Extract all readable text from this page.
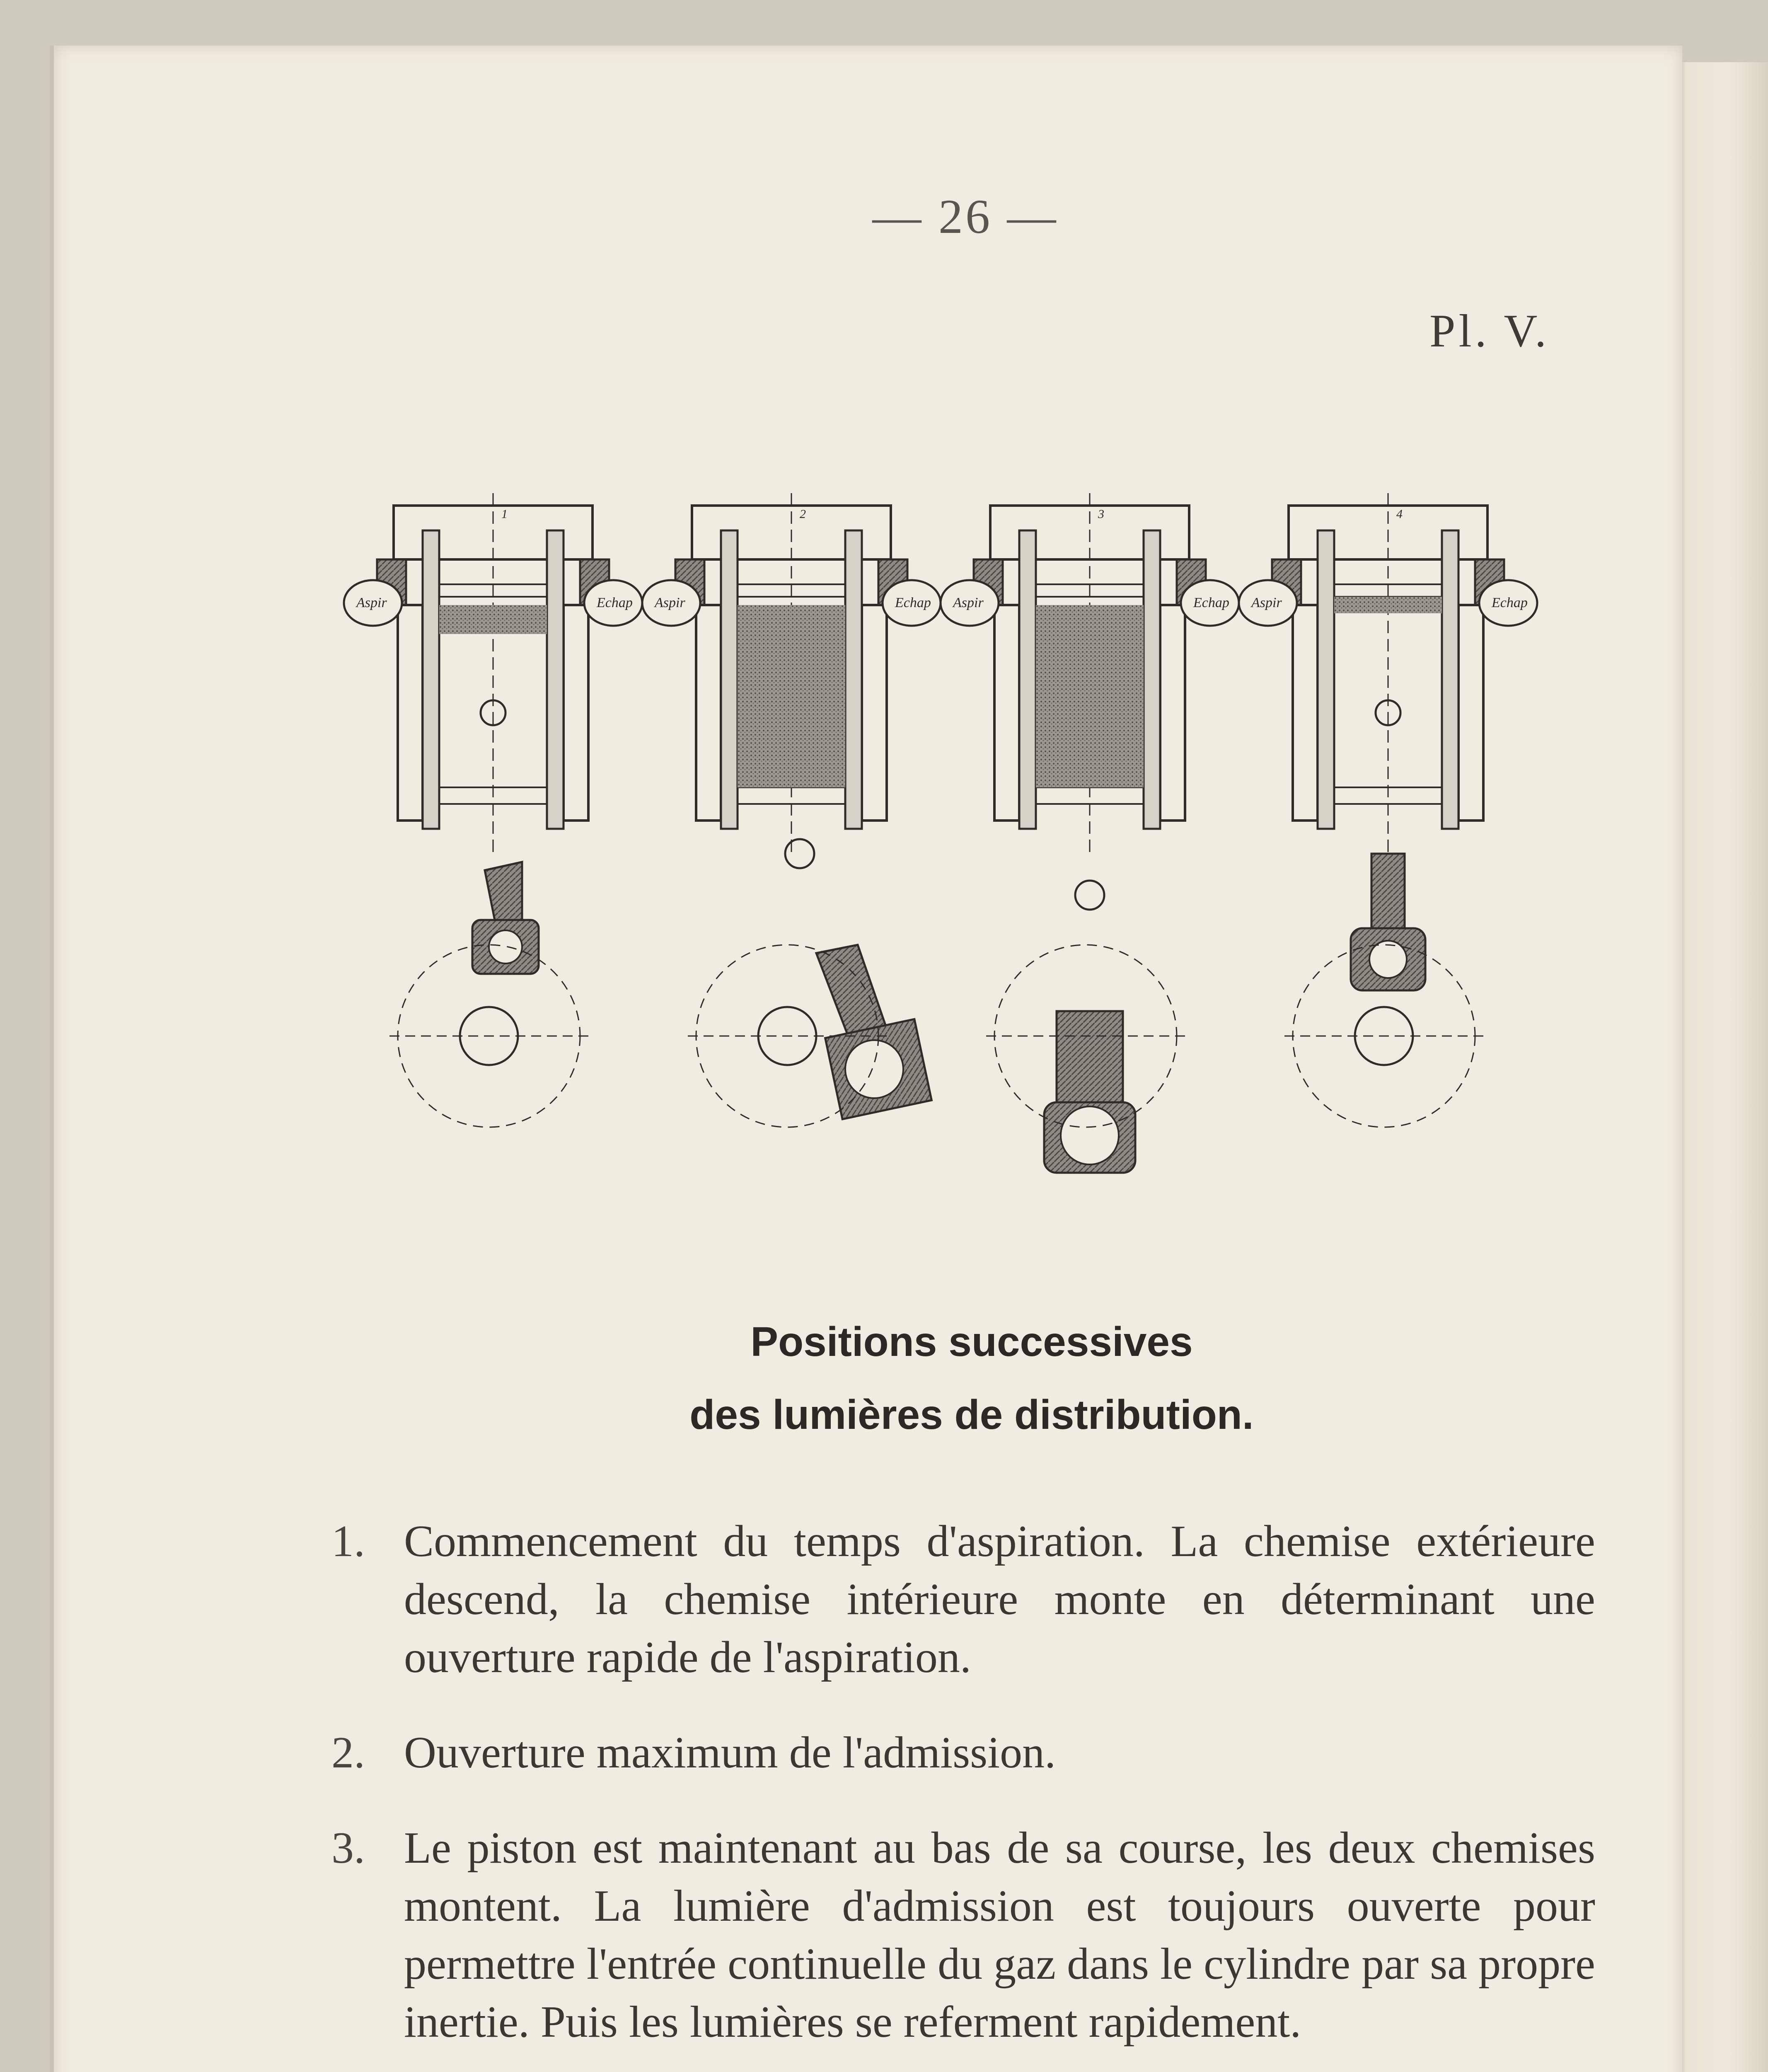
— 26 —
Pl. V.
1
Aspir	Echap
2
Aspir	Echap
3
Aspir	Echap
4
Aspir	Echap
Positions successives
des lumières de distribution.
1. Commencement du temps d'aspiration. La chemise extérieure descend, la chemise intérieure monte en déterminant une ouverture rapide de l'aspiration.
2. Ouverture maximum de l'admission.
3. Le piston est maintenant au bas de sa course, les deux chemises montent. La lumière d'admission est toujours ouverte pour permettre l'entrée continuelle du gaz dans le cylindre par sa propre inertie. Puis les lumières se referment rapidement.
